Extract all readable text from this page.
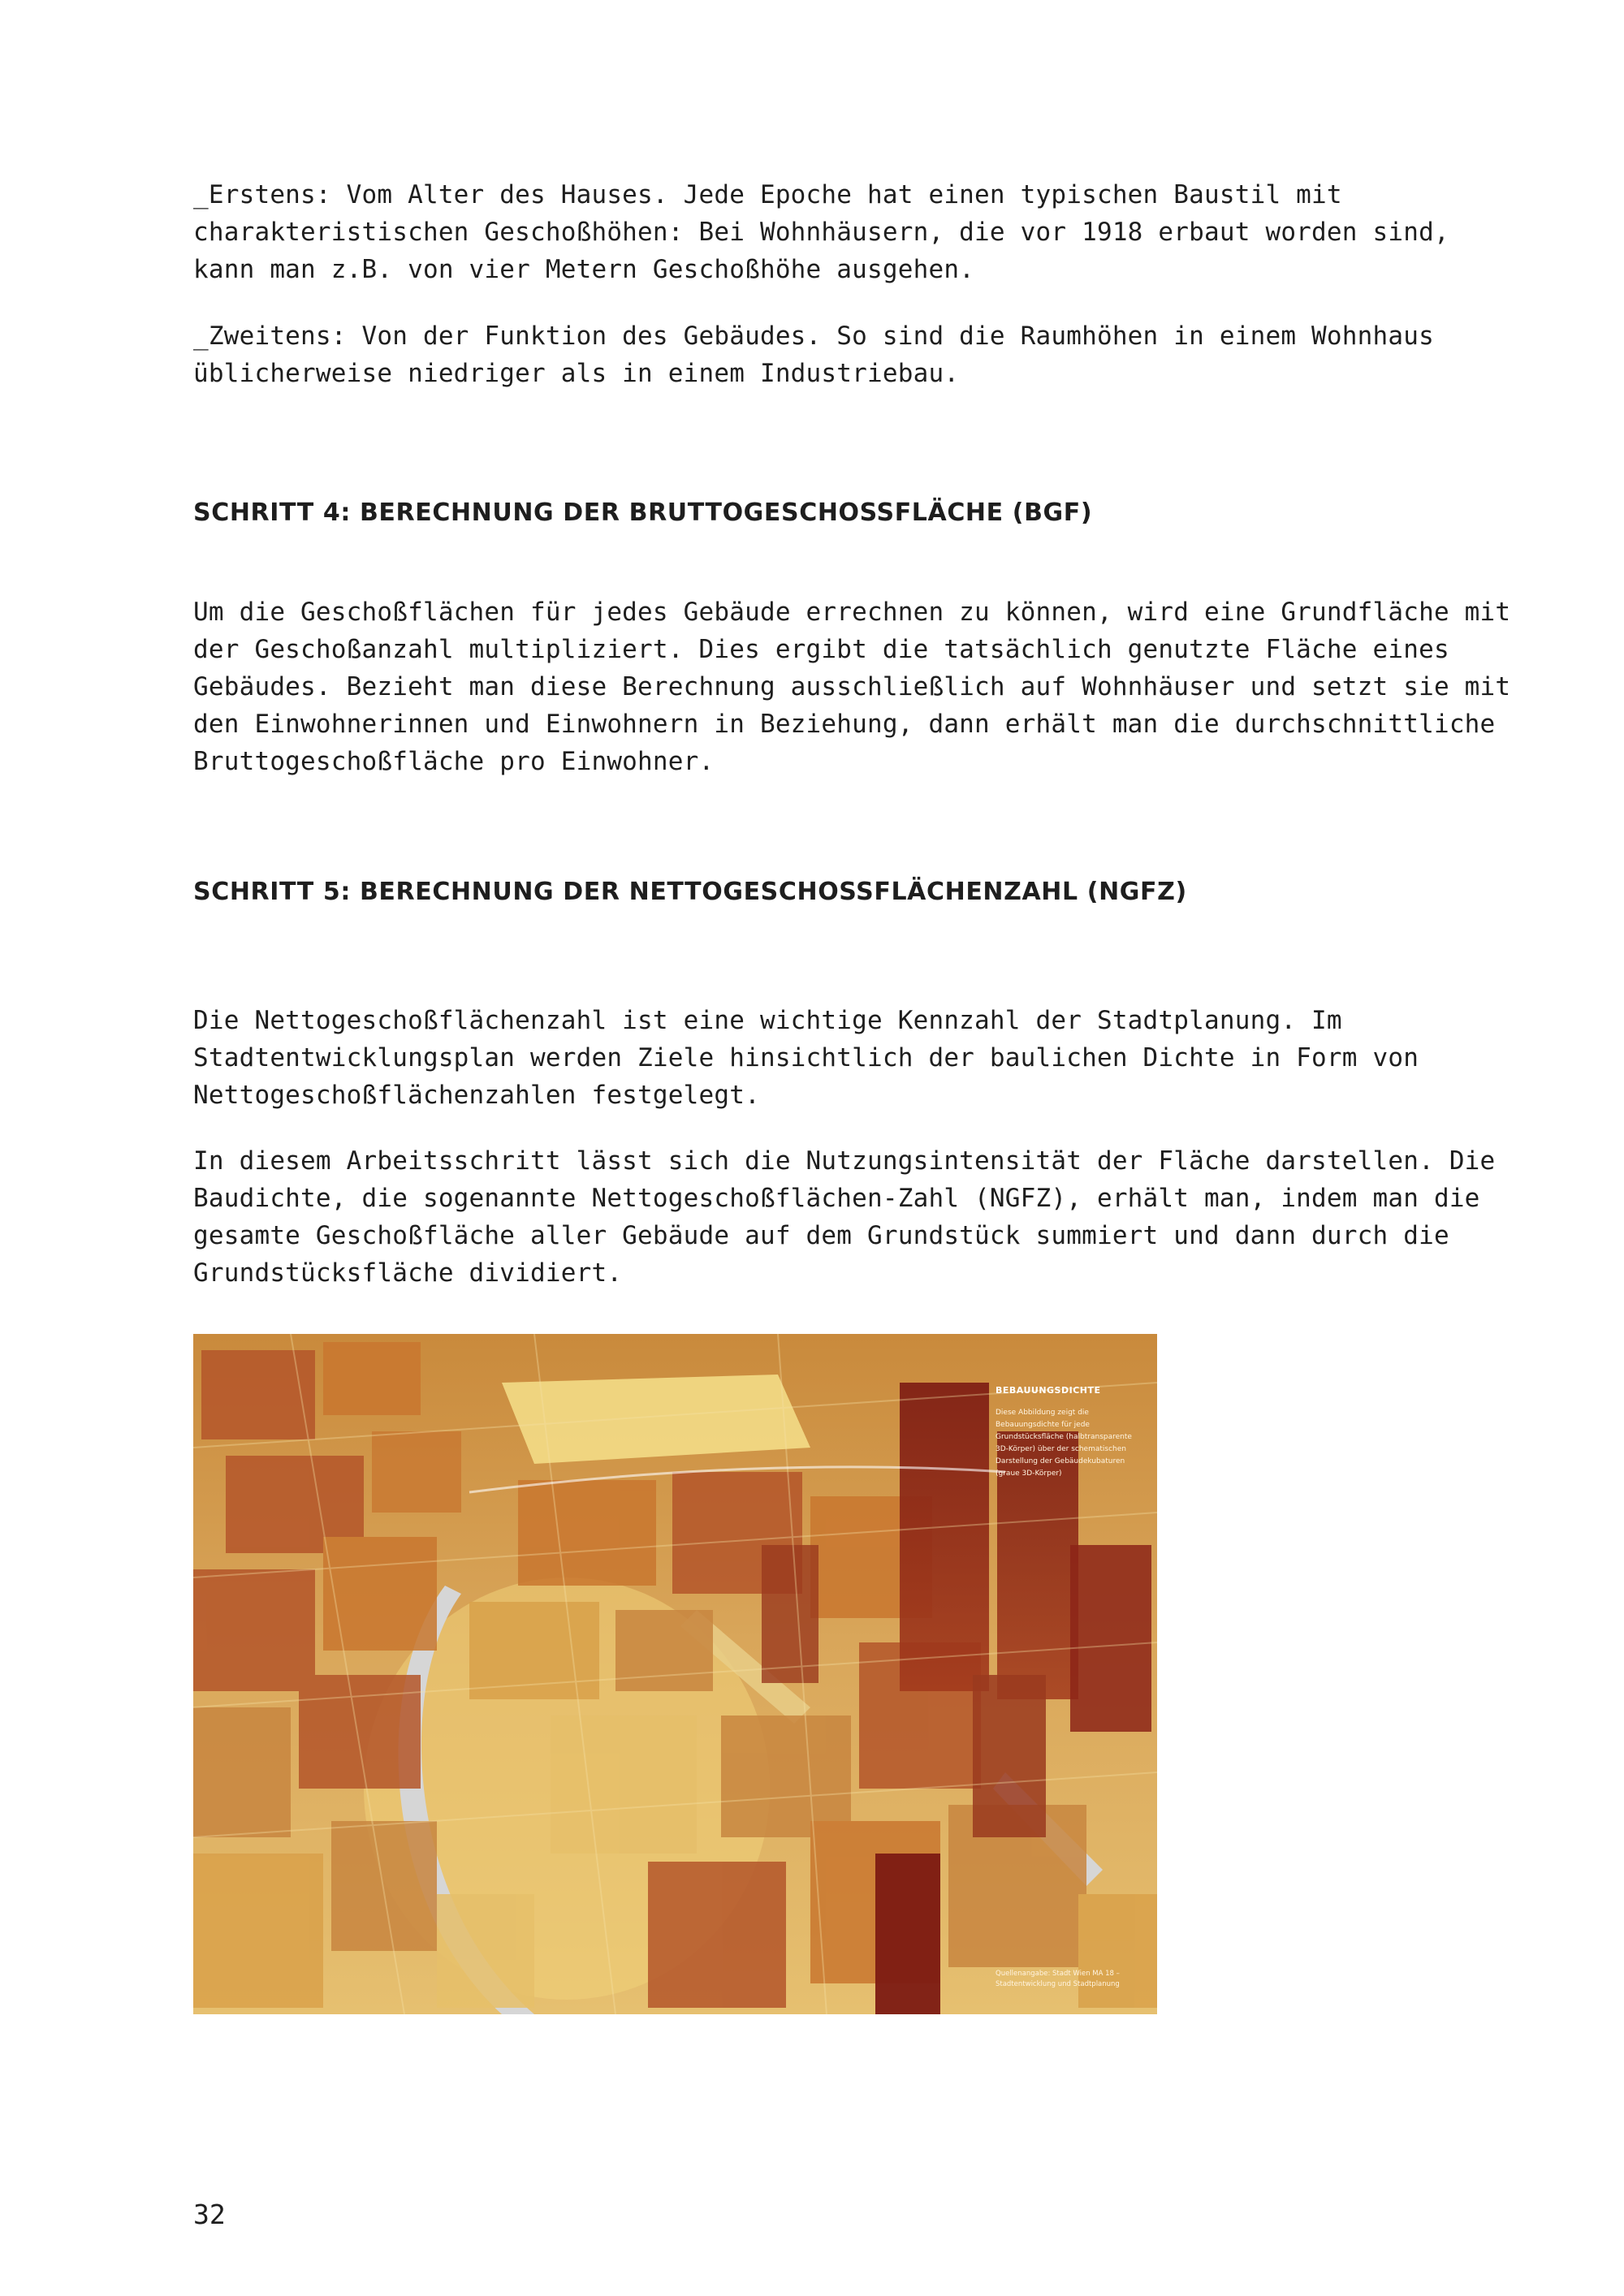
_Erstens: Vom Alter des Hauses. Jede Epoche hat einen typischen Baustil mit charakteristischen Geschoßhöhen: Bei Wohnhäusern, die vor 1918 erbaut worden sind, kann man z.B. von vier Metern Geschoßhöhe ausgehen.

_Zweitens: Von der Funktion des Gebäudes. So sind die Raumhöhen in einem Wohnhaus üblicherweise niedriger als in einem Industriebau.

SCHRITT 4: BERECHNUNG DER BRUTTOGESCHOSSFLÄCHE (BGF)

Um die Geschoßflächen für jedes Gebäude errechnen zu können, wird eine Grundfläche mit der Geschoßanzahl multipliziert. Dies ergibt die tatsächlich genutzte Fläche eines Gebäudes. Bezieht man diese Berechnung ausschließlich auf Wohnhäuser und setzt sie mit den Einwohnerinnen und Einwohnern in Beziehung, dann erhält man die durchschnittliche Bruttogeschoßfläche pro Einwohner.

SCHRITT 5: BERECHNUNG DER NETTOGESCHOSSFLÄCHENZAHL (NGFZ)

Die Nettogeschoßflächenzahl ist eine wichtige Kennzahl der Stadtplanung. Im Stadtentwicklungsplan werden Ziele hinsichtlich der baulichen Dichte in Form von Nettogeschoßflächenzahlen festgelegt.

In diesem Arbeitsschritt lässt sich die Nutzungsintensität der Fläche darstellen. Die Baudichte, die sogenannte Nettogeschoßflächen-Zahl (NGFZ), erhält man, indem man die gesamte Geschoßfläche aller Gebäude auf dem Grundstück summiert und dann durch die Grundstücksfläche dividiert.

BEBAUUNGSDICHTE
Diese Abbildung zeigt die Bebauungsdichte für jede Grundstücksfläche (halbtransparente 3D-Körper) über der schematischen Darstellung der Gebäudekubaturen (graue 3D-Körper)
Quellenangabe: Stadt Wien MA 18 – Stadtentwicklung und Stadtplanung
32
